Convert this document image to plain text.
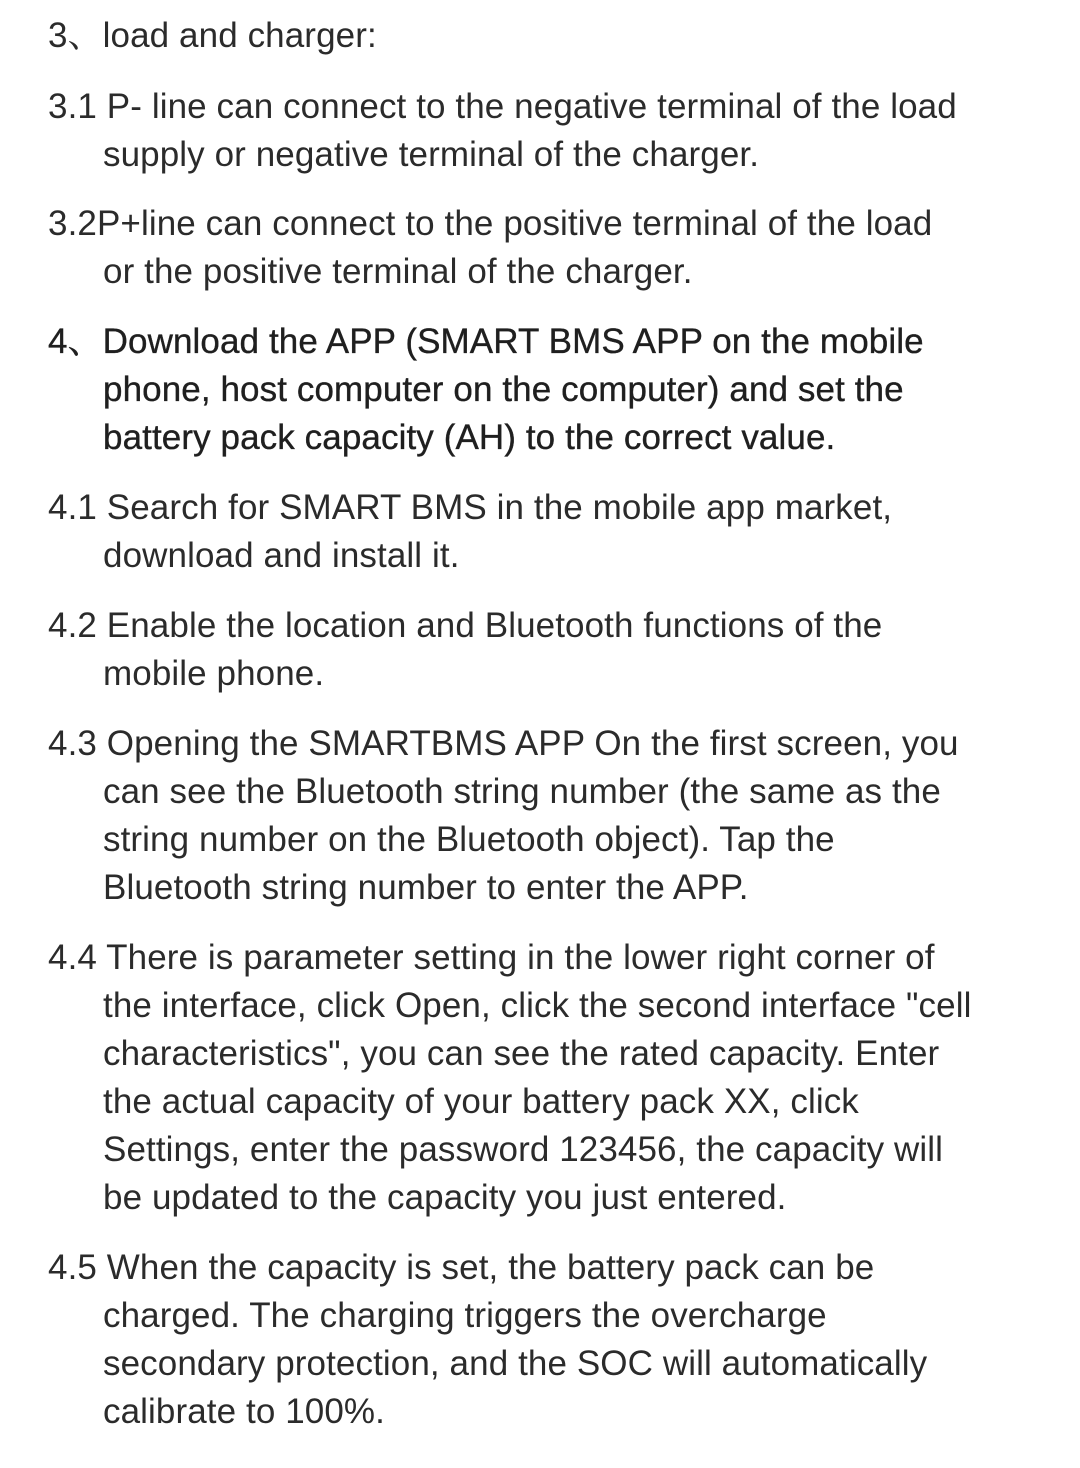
3、load and charger:
3.1 P- line can connect to the negative terminal of the load
supply or negative terminal of the charger.
3.2P+line can connect to the positive terminal of the load
or the positive terminal of the charger.
4、Download the APP (SMART BMS APP on the mobile
phone, host computer on the computer) and set the
battery pack capacity (AH) to the correct value.
4.1 Search for SMART BMS in the mobile app market,
download and install it.
4.2 Enable the location and Bluetooth functions of the
mobile phone.
4.3 Opening the SMARTBMS APP On the first screen, you
can see the Bluetooth string number (the same as the
string number on the Bluetooth object). Tap the
Bluetooth string number to enter the APP.
4.4 There is parameter setting in the lower right corner of
the interface, click Open, click the second interface "cell
characteristics", you can see the rated capacity. Enter
the actual capacity of your battery pack XX, click
Settings, enter the password 123456, the capacity will
be updated to the capacity you just entered.
4.5 When the capacity is set, the battery pack can be
charged. The charging triggers the overcharge
secondary protection, and the SOC will automatically
calibrate to 100%.
